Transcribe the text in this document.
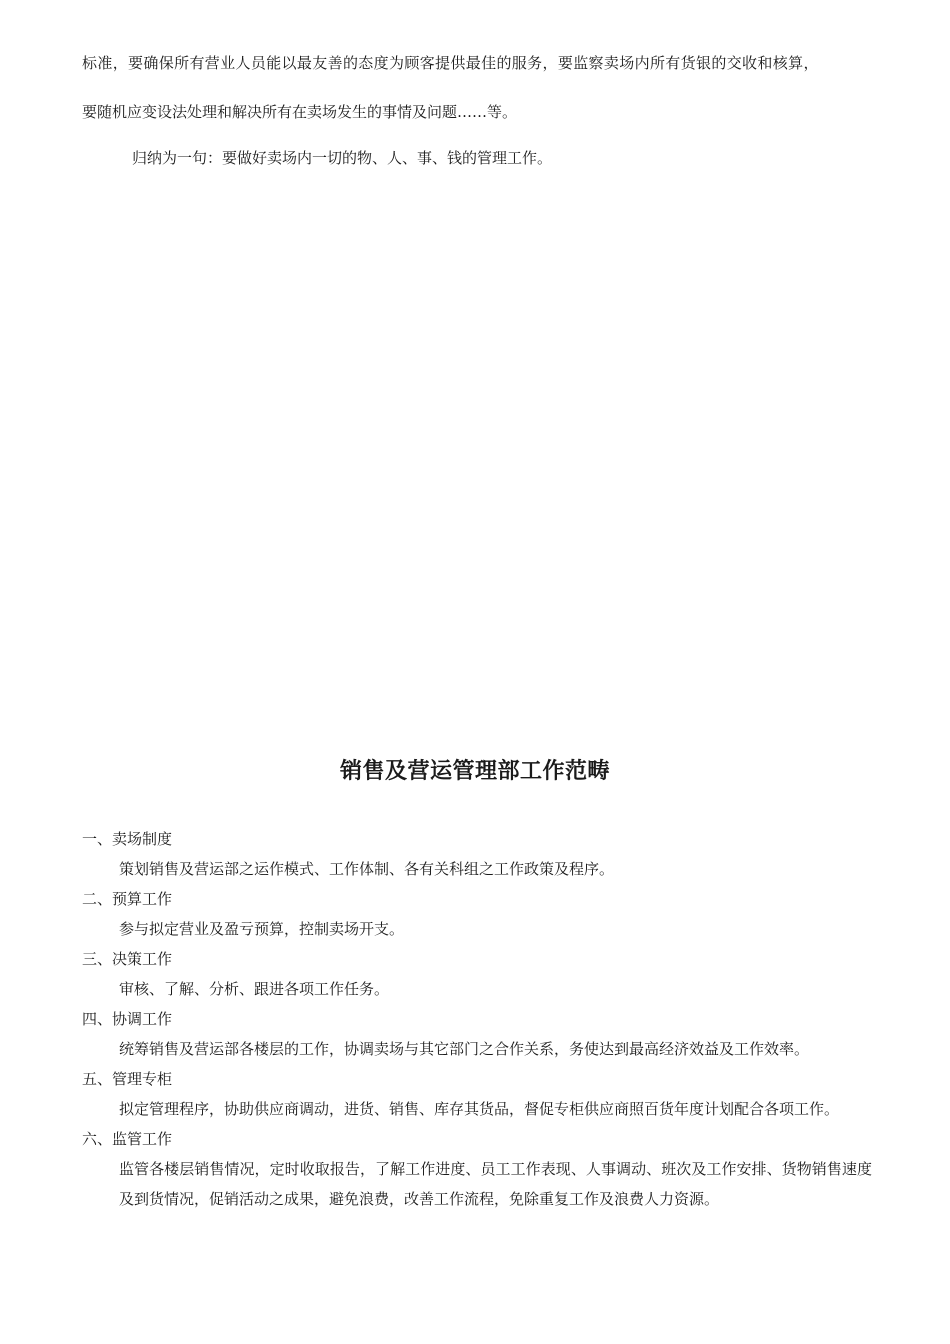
标准，要确保所有营业人员能以最友善的态度为顾客提供最佳的服务，要监察卖场内所有货银的交收和核算，
要随机应变设法处理和解决所有在卖场发生的事情及问题……等。
归纳为一句：要做好卖场内一切的物、人、事、钱的管理工作。
销售及营运管理部工作范畴
一、卖场制度
策划销售及营运部之运作模式、工作体制、各有关科组之工作政策及程序。
二、预算工作
参与拟定营业及盈亏预算，控制卖场开支。
三、决策工作
审核、了解、分析、跟进各项工作任务。
四、协调工作
统筹销售及营运部各楼层的工作，协调卖场与其它部门之合作关系，务使达到最高经济效益及工作效率。
五、管理专柜
拟定管理程序，协助供应商调动，进货、销售、库存其货品，督促专柜供应商照百货年度计划配合各项工作。
六、监管工作
监管各楼层销售情况，定时收取报告，了解工作进度、员工工作表现、人事调动、班次及工作安排、货物销售速度及到货情况，促销活动之成果，避免浪费，改善工作流程，免除重复工作及浪费人力资源。
